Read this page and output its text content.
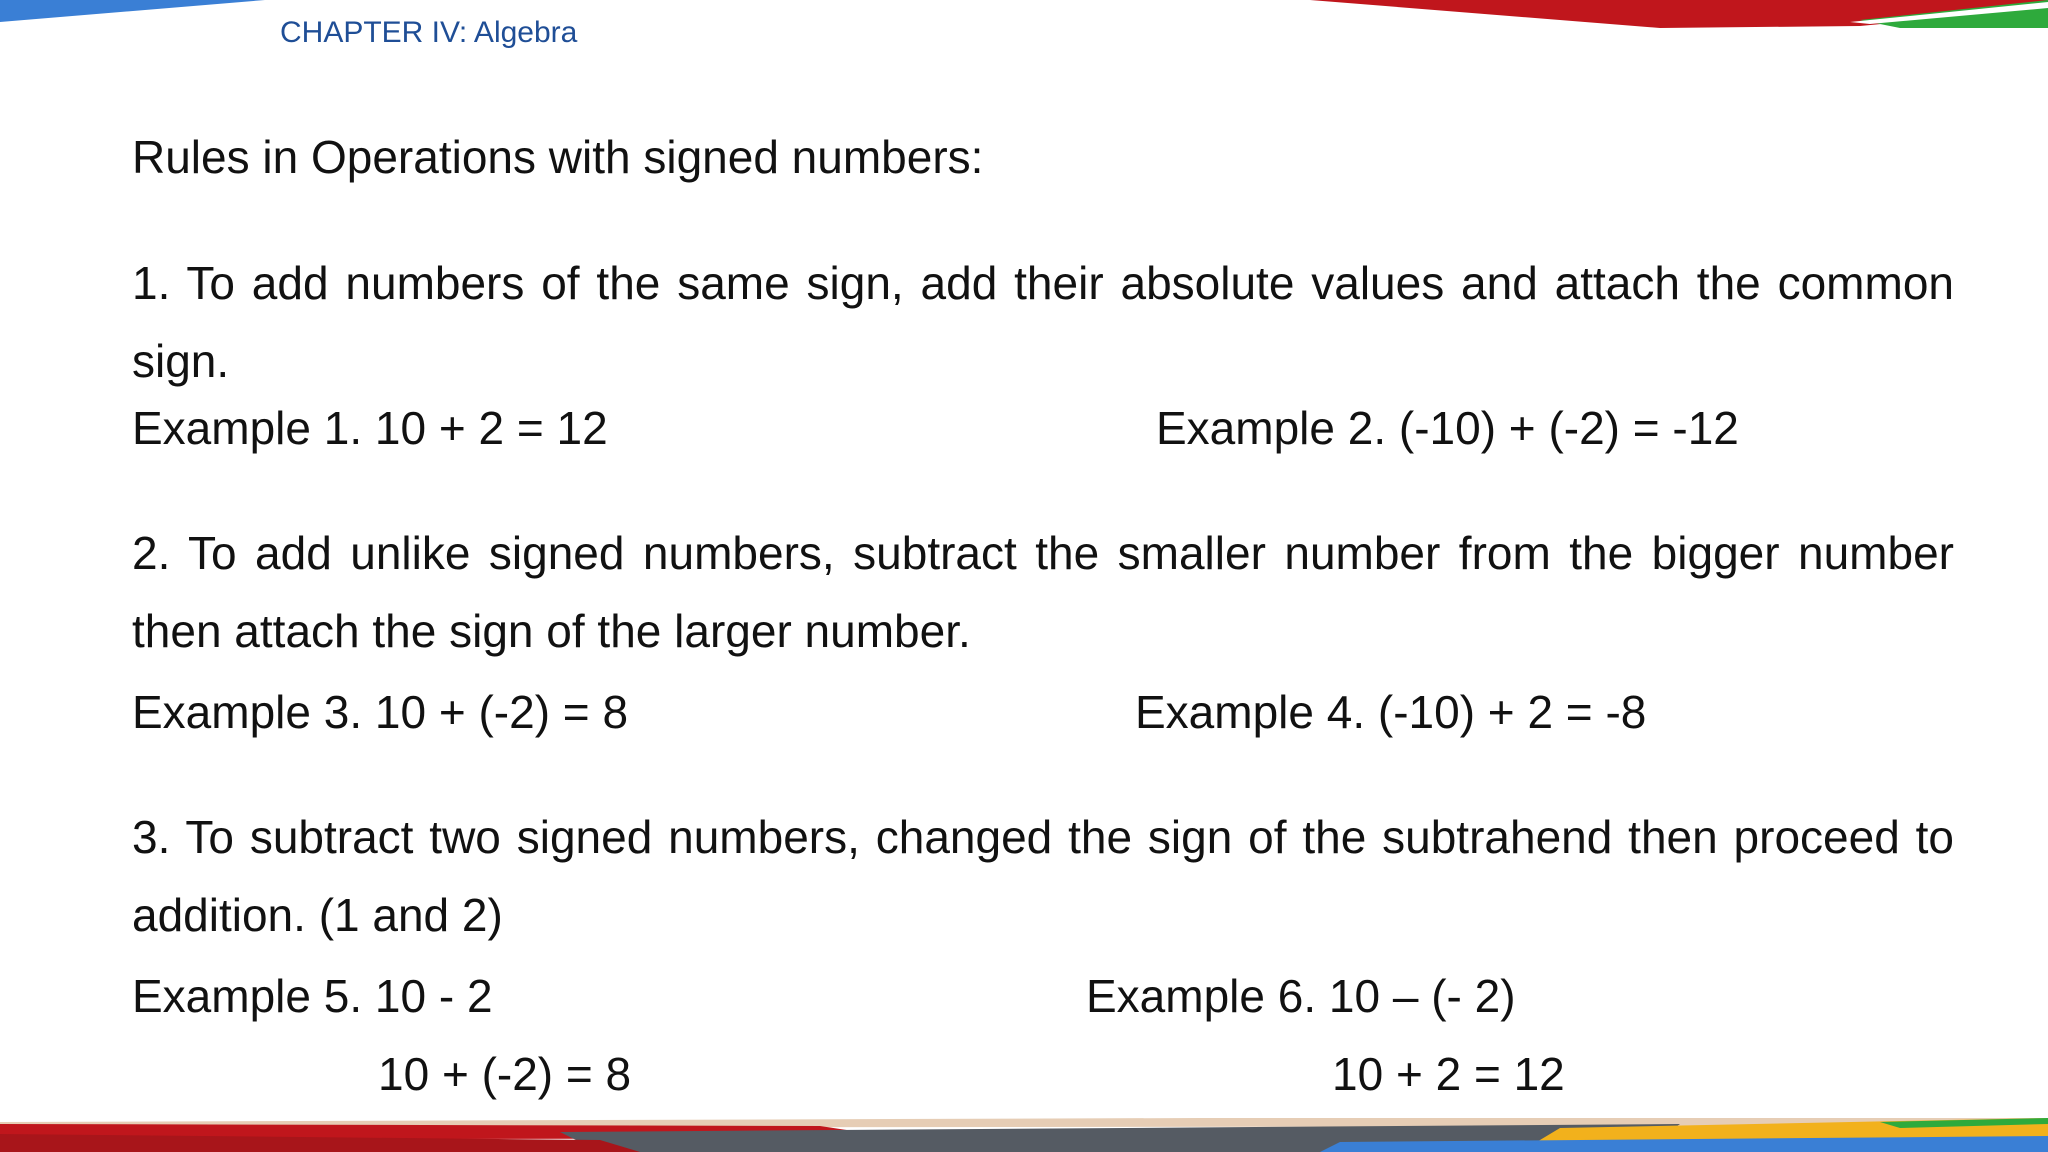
CHAPTER IV: Algebra
Rules in Operations with signed numbers:
1. To add numbers of the same sign, add their absolute values and attach the common sign.
Example 1. 10 + 2 = 12	Example 2. (-10) + (-2) = -12
2. To add unlike signed numbers, subtract the smaller number from the bigger number then attach the sign of the larger number.
Example 3. 10 + (-2) = 8	Example 4. (-10) + 2 = -8
3. To subtract two signed numbers, changed the sign of the subtrahend then proceed to addition. (1 and 2)
Example 5. 10 - 2	Example 6. 10 – (- 2)
10 + (-2) = 8	10 + 2 = 12
